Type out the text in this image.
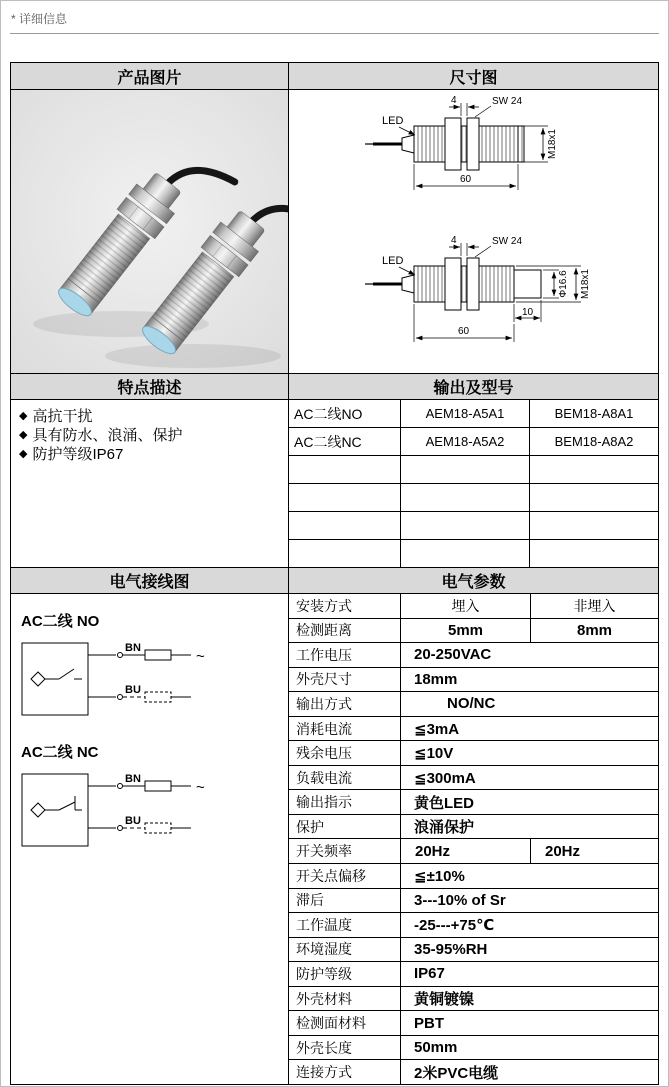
* 详细信息
产品图片	尺寸图
LED
4	SW 24
M18x1
60
LED
4	SW 24
Φ16.6 M18x1
10
60
特点描述	输出及型号
◆ 高抗干扰
◆ 具有防水、浪涌、保护
◆ 防护等级IP67
AC二线NO	AEM18-A5A1	BEM18-A8A1
AC二线NC	AEM18-A5A2	BEM18-A8A2
电气接线图	电气参数
AC二线 NO
BN	~
BU
AC二线 NC
BN	~
BU
安装方式	埋入	非埋入
检测距离	5mm	8mm
工作电压	20-250VAC
外壳尺寸	18mm
输出方式	NO/NC
消耗电流	≦3mA
残余电压	≦10V
负载电流	≦300mA
输出指示	黄色LED
保护	浪涌保护
开关频率	20Hz	20Hz
开关点偏移	≦±10%
滞后	3---10% of Sr
工作温度	-25---+75℃
环境湿度	35-95%RH
防护等级	IP67
外壳材料	黄铜镀镍
检测面材料	PBT
外壳长度	50mm
连接方式	2米PVC电缆
